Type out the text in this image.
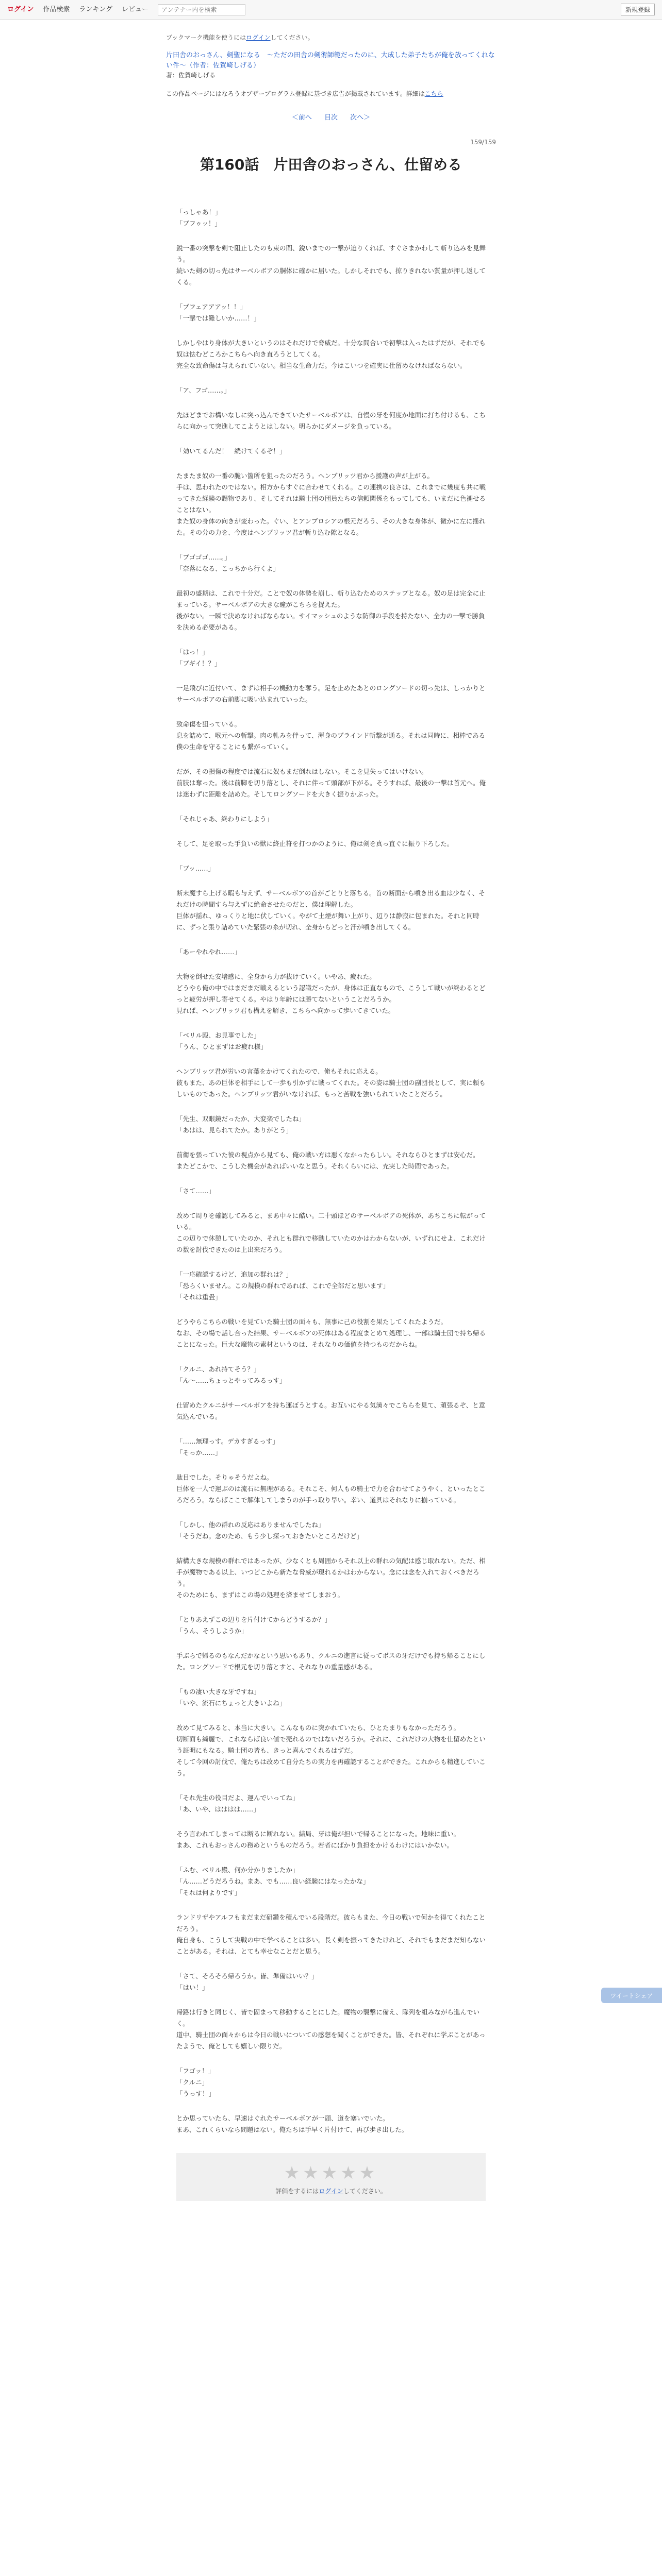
ログイン 作品検索 ランキング レビュー
アンテナー内を検索	新規登録
ブックマーク機能を使うにはログインしてください。
片田舎のおっさん、剣聖になる　～ただの田舎の剣術師範だったのに、大成した弟子たちが俺を放ってくれな
い件～（作者：佐賀崎しげる）
著：佐賀崎しげる
この作品ページにはなろうオブザーブログラム登録に基づき広告が掲載されています。詳細はこちら
＜前へ 目次 次へ＞
159/159
第160話　片田舎のおっさん、仕留める

「っしゃあ！」
「ブフゥッ！」

鋭一番の突撃を剣で阻止したのも束の間、鋭いまでの一撃が迫りくれば、すぐさまかわして斬り込みを見舞う。
続いた剣の切っ先はサーベルボアの胴体に確かに届いた。しかしそれでも、掠りきれない質量が押し返してくる。

「ブフェアアアッ！！」
「一撃では難しいか……！」

しかしやはり身体が大きいというのはそれだけで脅威だ。十分な間合いで初撃は入ったはずだが、それでも奴は怯むどころかこちらへ向き直ろうとしてくる。
完全な致命傷は与えられていない。相当な生命力だ。今はこいつを確実に仕留めなければならない。

「ア、フゴ……。」

先ほどまでお構いなしに突っ込んできていたサーベルボアは、自慢の牙を何度か地面に打ち付けるも、こちらに向かって突進してこようとはしない。明らかにダメージを負っている。

「効いてるんだ！　続けてくるぞ！」

たまたま奴の一番の脆い箇所を狙ったのだろう。ヘンブリッツ君から援護の声が上がる。
手は、思われたのではない。相方からすぐに合わせてくれる。この連携の良さは、これまでに幾度も共に戦ってきた経験の賜物であり、そしてそれは騎士団の団員たちの信頼関係をもってしても、いまだに色褪せることはない。
また奴の身体の向きが変わった。ぐい、とアンブロシアの根元だろう、その大きな身体が、微かに左に揺れた。その分の力を、今度はヘンブリッツ君が斬り込む隙となる。

「ブゴゴゴ……。」
「奈落になる、こっちから行くよ」

最初の盛期は、これで十分だ。ことで奴の体勢を崩し、斬り込むためのステップとなる。奴の足は完全に止まっている。サーベルボアの大きな瞳がこちらを捉えた。
後がない。一瞬で決めなければならない。サイマッシュのような防御の手段を持たない、全力の一撃で勝負を決める必要がある。

「はっ！」
「ブギイ！？」

一足飛びに近付いて、まずは相手の機動力を奪う。足を止めたあとのロングソードの切っ先は、しっかりとサーベルボアの右前脚に吸い込まれていった。

致命傷を狙っている。
息を詰めて、喉元への斬撃。肉の軋みを伴って、渾身のブラインド斬撃が通る。それは同時に、相棒である僕の生命を守ることにも繋がっていく。

だが、その損傷の程度では流石に奴もまだ倒れはしない。そこを見失ってはいけない。
前肢は奪った。後は前脚を切り落とし、それに伴って頭部が下がる。そうすれば、最後の一撃は首元へ。俺は迷わずに距離を詰めた。そしてロングソードを大きく振りかぶった。

「それじゃあ、終わりにしよう」

そして、足を取った手負いの獣に終止符を打つかのように、俺は剣を真っ直ぐに振り下ろした。

「ブッ……」

断末魔すら上げる暇も与えず、サーベルボアの首がごとりと落ちる。首の断面から噴き出る血は少なく、それだけの時間すら与えずに絶命させたのだと、僕は理解した。
巨体が揺れ、ゆっくりと地に伏していく。やがて土煙が舞い上がり、辺りは静寂に包まれた。それと同時に、ずっと張り詰めていた緊張の糸が切れ、全身からどっと汗が噴き出してくる。

「あーやれやれ……」

大物を倒せた安堵感に、全身から力が抜けていく。いやあ、疲れた。
どうやら俺の中ではまだまだ戦えるという認識だったが、身体は正直なもので、こうして戦いが終わるとどっと疲労が押し寄せてくる。やはり年齢には勝てないということだろうか。
見れば、ヘンブリッツ君も構えを解き、こちらへ向かって歩いてきていた。

「ベリル殿、お見事でした」
「うん、ひとまずはお疲れ様」

ヘンブリッツ君が労いの言葉をかけてくれたので、俺もそれに応える。
彼もまた、あの巨体を相手にして一歩も引かずに戦ってくれた。その姿は騎士団の副団長として、実に頼もしいものであった。ヘンブリッツ君がいなければ、もっと苦戦を強いられていたことだろう。

「先生、双眼鏡だったか、大変楽でしたね」
「あはは、見られてたか。ありがとう」

前衛を張っていた彼の視点から見ても、俺の戦い方は悪くなかったらしい。それならひとまずは安心だ。
またどこかで、こうした機会があればいいなと思う。それくらいには、充実した時間であった。

「さて……」

改めて周りを確認してみると、まあ中々に酷い。二十頭ほどのサーベルボアの死体が、あちこちに転がっている。
この辺りで休憩していたのか、それとも群れで移動していたのかはわからないが、いずれにせよ、これだけの数を討伐できたのは上出来だろう。

「一応確認するけど、追加の群れは？」
「恐らくいません。この規模の群れであれば、これで全部だと思います」
「それは重畳」

どうやらこちらの戦いを見ていた騎士団の面々も、無事に己の役割を果たしてくれたようだ。
なお、その場で話し合った結果、サーベルボアの死体はある程度まとめて処理し、一部は騎士団で持ち帰ることになった。巨大な魔物の素材というのは、それなりの価値を持つものだからね。

「クルニ、あれ持てそう？」
「ん～……ちょっとやってみるっす」

仕留めたクルニがサーベルボアを持ち運ぼうとする。お互いにやる気満々でこちらを見て、頑張るぞ、と意気込んでいる。

「……無理っす。デカすぎるっす」
「そっか……」

駄目でした。そりゃそうだよね。
巨体を一人で運ぶのは流石に無理がある。それこそ、何人もの騎士で力を合わせてようやく、といったところだろう。ならばここで解体してしまうのが手っ取り早い。幸い、道具はそれなりに揃っている。

「しかし、他の群れの反応はありませんでしたね」
「そうだね。念のため、もう少し探っておきたいところだけど」

結構大きな規模の群れではあったが、少なくとも周囲からそれ以上の群れの気配は感じ取れない。ただ、相手が魔物である以上、いつどこから新たな脅威が現れるかはわからない。念には念を入れておくべきだろう。
そのためにも、まずはこの場の処理を済ませてしまおう。

「とりあえずこの辺りを片付けてからどうするか？」
「うん、そうしようか」

手ぶらで帰るのもなんだかなという思いもあり、クルニの進言に従ってボスの牙だけでも持ち帰ることにした。ロングソードで根元を切り落とすと、それなりの重量感がある。

「もの凄い大きな牙ですね」
「いや、流石にちょっと大きいよね」

改めて見てみると、本当に大きい。こんなものに突かれていたら、ひとたまりもなかっただろう。
切断面も綺麗で、これならば良い値で売れるのではないだろうか。それに、これだけの大物を仕留めたという証明にもなる。騎士団の皆も、きっと喜んでくれるはずだ。
そして今回の討伐で、俺たちは改めて自分たちの実力を再確認することができた。これからも精進していこう。

「それ先生の役目だよ、運んでいってね」
「あ、いや、はははは……」

そう言われてしまっては断るに断れない。結局、牙は俺が担いで帰ることになった。地味に重い。
まあ、これもおっさんの務めというものだろう。若者にばかり負担をかけるわけにはいかない。

「ふむ、ベリル殿、何か分かりましたか」
「ん……どうだろうね。まあ、でも……良い経験にはなったかな」
「それは何よりです」

ランドリザやアルフもまだまだ研鑽を積んでいる段階だ。彼らもまた、今日の戦いで何かを得てくれたことだろう。
俺自身も、こうして実戦の中で学べることは多い。長く剣を振ってきたけれど、それでもまだまだ知らないことがある。それは、とても幸せなことだと思う。

「さて、そろそろ帰ろうか。皆、準備はいい？」
「はい！」

帰路は行きと同じく、皆で固まって移動することにした。魔物の襲撃に備え、隊列を組みながら進んでいく。
道中、騎士団の面々からは今日の戦いについての感想を聞くことができた。皆、それぞれに学ぶことがあったようで、俺としても嬉しい限りだ。

「フゴッ！」
「クルニ」
「うっす！」

とか思っていたら、早速はぐれたサーベルボアが一頭、道を塞いでいた。
まあ、これくらいなら問題はない。俺たちは手早く片付けて、再び歩き出した。

ツイートシェア
★★★★★
評価をするにはログインしてください。
